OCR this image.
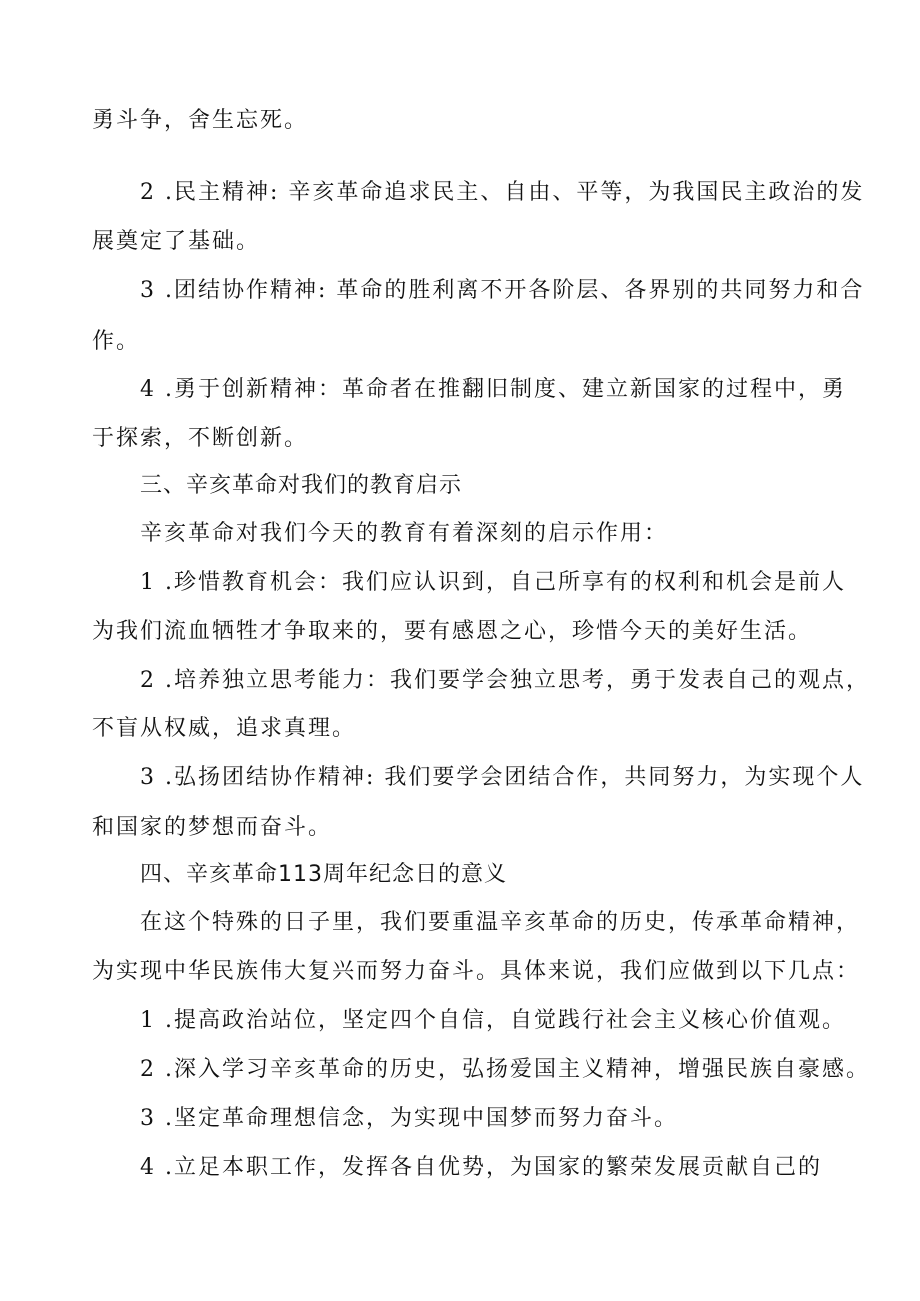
勇斗争，舍生忘死。
2 .民主精神: 辛亥革命追求民主、自由、平等，为我国民主政治的发
展奠定了基础。
3 .团结协作精神: 革命的胜利离不开各阶层、各界别的共同努力和合
作。
4 .勇于创新精神：革命者在推翻旧制度、建立新国家的过程中，勇
于探索，不断创新。
三、辛亥革命对我们的教育启示
辛亥革命对我们今天的教育有着深刻的启示作用：
1 .珍惜教育机会：我们应认识到，自己所享有的权利和机会是前人
为我们流血牺牲才争取来的，要有感恩之心，珍惜今天的美好生活。
2 .培养独立思考能力：我们要学会独立思考，勇于发表自己的观点，
不盲从权威，追求真理。
3 .弘扬团结协作精神: 我们要学会团结合作，共同努力，为实现个人
和国家的梦想而奋斗。
四、辛亥革命113周年纪念日的意义
在这个特殊的日子里，我们要重温辛亥革命的历史，传承革命精神，
为实现中华民族伟大复兴而努力奋斗。具体来说，我们应做到以下几点：
1 .提高政治站位，坚定四个自信，自觉践行社会主义核心价值观。
2 .深入学习辛亥革命的历史，弘扬爱国主义精神，增强民族自豪感。
3 .坚定革命理想信念，为实现中国梦而努力奋斗。
4 .立足本职工作，发挥各自优势，为国家的繁荣发展贡献自己的
